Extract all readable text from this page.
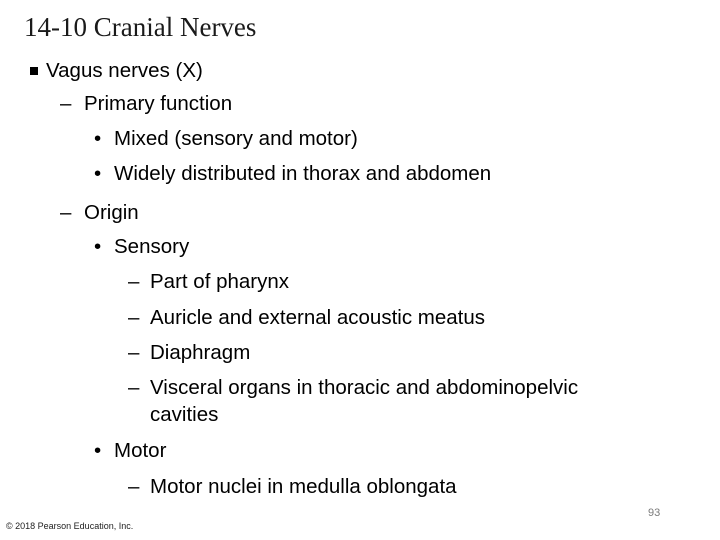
14-10 Cranial Nerves
Vagus nerves (X)
– Primary function
• Mixed (sensory and motor)
• Widely distributed in thorax and abdomen
– Origin
• Sensory
– Part of pharynx
– Auricle and external acoustic meatus
– Diaphragm
– Visceral organs in thoracic and abdominopelvic
cavities
• Motor
– Motor nuclei in medulla oblongata
93
© 2018 Pearson Education, Inc.
